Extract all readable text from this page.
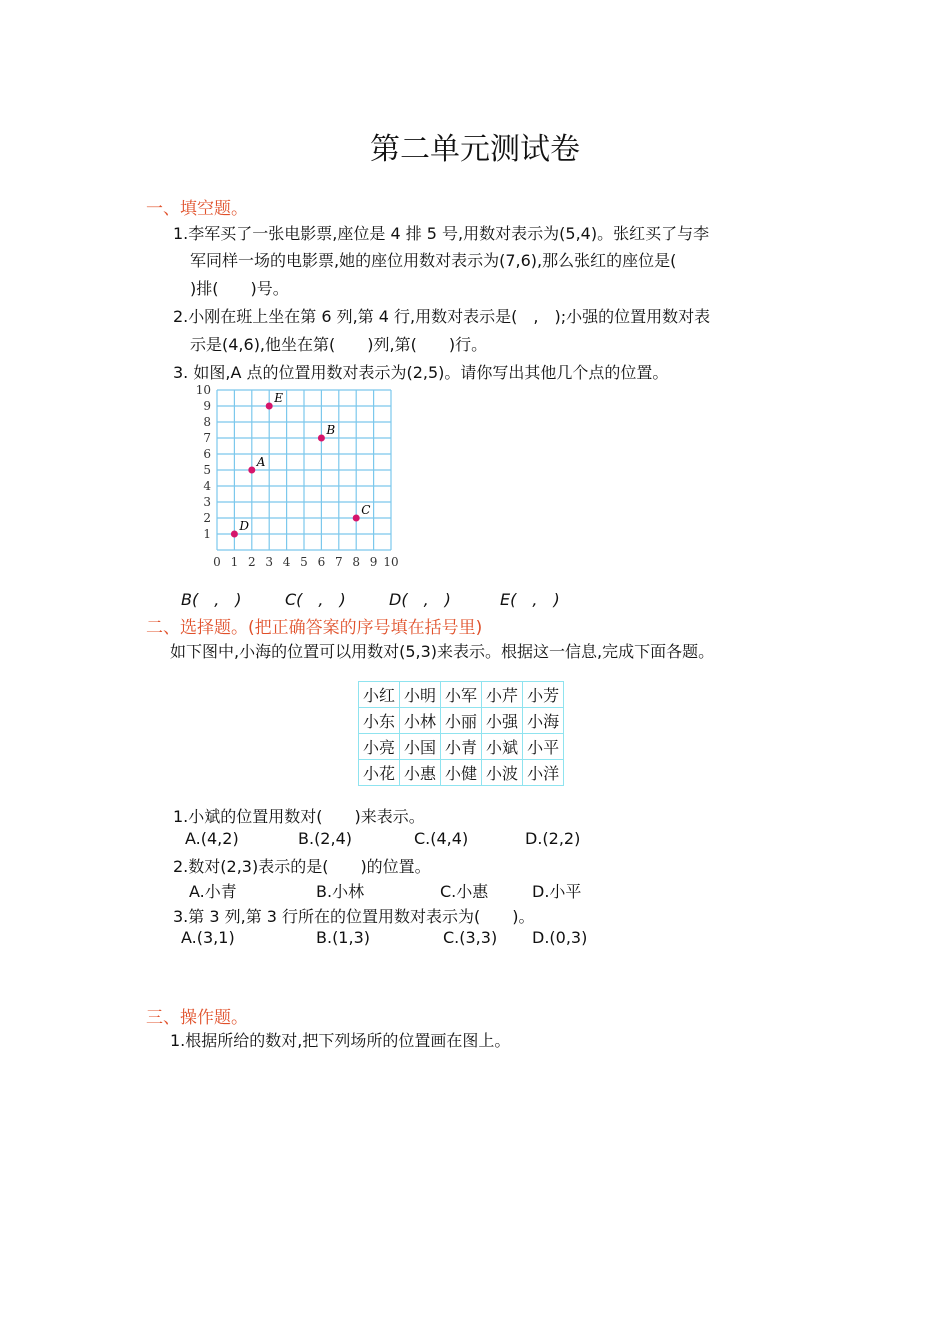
第二单元测试卷
一、填空题。
1.李军买了一张电影票,座位是 4 排 5 号,用数对表示为(5,4)。张红买了与李
军同样一场的电影票,她的座位用数对表示为(7,6),那么张红的座位是(
)排(　　)号。
2.小刚在班上坐在第 6 列,第 4 行,用数对表示是(　,　);小强的位置用数对表
示是(4,6),他坐在第(　　)列,第(　　)行。
3. 如图,A 点的位置用数对表示为(2,5)。请你写出其他几个点的位置。
0 1 2 3 4 5 6 7 8 9 10
1
2
3
4
5
6
7
8
9
10
E
B
A
C
D
B(　,　)	C(　,　)	D(　,　)	E(　,　)
二、选择题。(把正确答案的序号填在括号里)
如下图中,小海的位置可以用数对(5,3)来表示。根据这一信息,完成下面各题。
小红	小明	小军	小芹	小芳
小东	小林	小丽	小强	小海
小亮	小国	小青	小斌	小平
小花	小惠	小健	小波	小洋
1.小斌的位置用数对(　　)来表示。
A.(4,2)	B.(2,4)	C.(4,4)	D.(2,2)
2.数对(2,3)表示的是(　　)的位置。
A.小青	B.小林	C.小惠	D.小平
3.第 3 列,第 3 行所在的位置用数对表示为(　　)。
A.(3,1)	B.(1,3)	C.(3,3) D.(0,3)
三、操作题。
1.根据所给的数对,把下列场所的位置画在图上。
